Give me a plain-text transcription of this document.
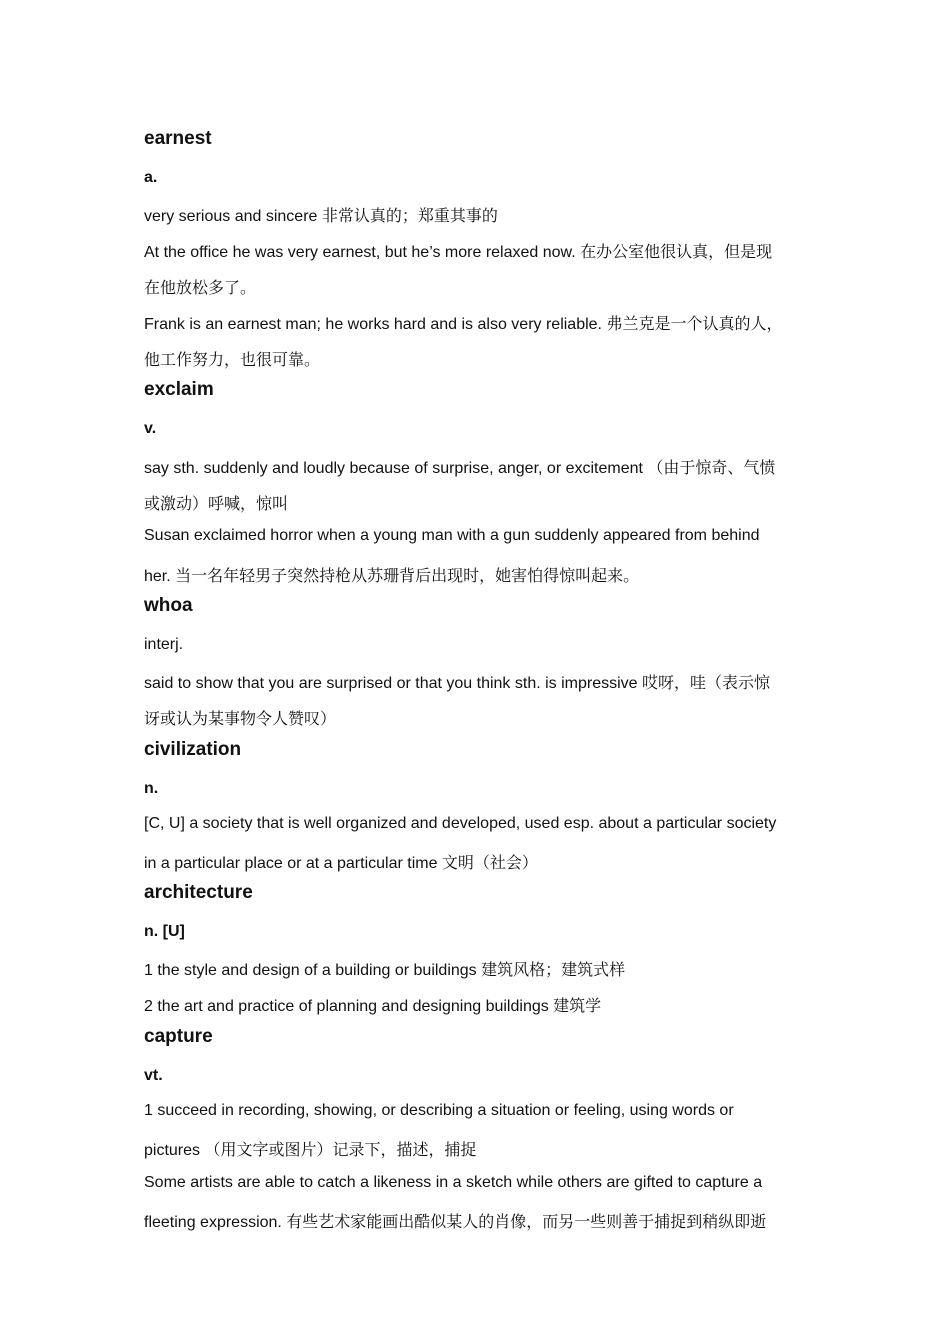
earnest
a.
very serious and sincere 非常认真的；郑重其事的
At the office he was very earnest, but he’s more relaxed now. 在办公室他很认真，但是现
在他放松多了。
Frank is an earnest man; he works hard and is also very reliable. 弗兰克是一个认真的人，
他工作努力，也很可靠。
exclaim
v.
say sth. suddenly and loudly because of surprise, anger, or excitement （由于惊奇、气愤
或激动）呼喊，惊叫
Susan exclaimed horror when a young man with a gun suddenly appeared from behind
her. 当一名年轻男子突然持枪从苏珊背后出现时，她害怕得惊叫起来。
whoa
interj.
said to show that you are surprised or that you think sth. is impressive 哎呀，哇（表示惊
讶或认为某事物令人赞叹）
civilization
n.
[C, U] a society that is well organized and developed, used esp. about a particular society
in a particular place or at a particular time 文明（社会）
architecture
n. [U]
1 the style and design of a building or buildings 建筑风格；建筑式样
2 the art and practice of planning and designing buildings 建筑学
capture
vt.
1 succeed in recording, showing, or describing a situation or feeling, using words or
pictures （用文字或图片）记录下，描述，捕捉
Some artists are able to catch a likeness in a sketch while others are gifted to capture a
fleeting expression. 有些艺术家能画出酷似某人的肖像，而另一些则善于捕捉到稍纵即逝
